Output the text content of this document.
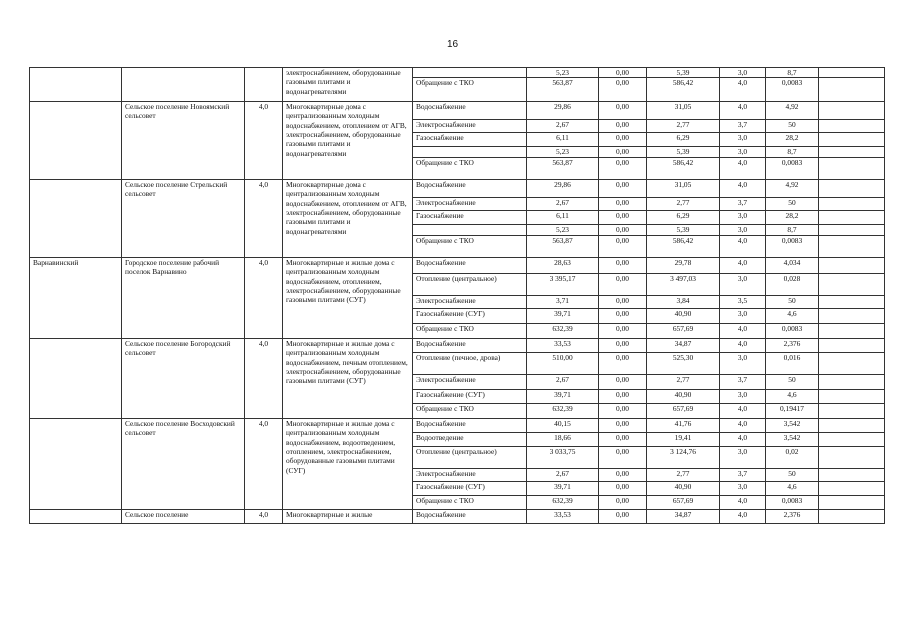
16
			электроснабжением, оборудованные газовыми плитами и водонагревателями		5,23	0,00	5,39	3,0	8,7	
				Обращение с ТКО	563,87	0,00	586,42	4,0	0,0083	
	Сельское поселение Новоямский сельсовет	4,0	Многоквартирные дома с централизованным холодным водоснабжением, отоплением от АГВ, электроснабжением, оборудованные газовыми плитами и водонагревателями	Водоснабжение	29,86	0,00	31,05	4,0	4,92	
				Электроснабжение	2,67	0,00	2,77	3,7	50	
				Газоснабжение	6,11	0,00	6,29	3,0	28,2	
					5,23	0,00	5,39	3,0	8,7	
				Обращение с ТКО	563,87	0,00	586,42	4,0	0,0083	
	Сельское поселение Стрельский сельсовет	4,0	Многоквартирные дома с централизованным холодным водоснабжением, отоплением от АГВ, электроснабжением, оборудованные газовыми плитами и водонагревателями	Водоснабжение	29,86	0,00	31,05	4,0	4,92	
				Электроснабжение	2,67	0,00	2,77	3,7	50	
				Газоснабжение	6,11	0,00	6,29	3,0	28,2	
					5,23	0,00	5,39	3,0	8,7	
				Обращение с ТКО	563,87	0,00	586,42	4,0	0,0083	
Варнавинский	Городское поселение рабочий поселок Варнавино	4,0	Многоквартирные и жилые дома с централизованным холодным водоснабжением, отоплением, электроснабжением, оборудованные газовыми плитами (СУГ)	Водоснабжение	28,63	0,00	29,78	4,0	4,034	
				Отопление (центральное)	3 395,17	0,00	3 497,03	3,0	0,028	
				Электроснабжение	3,71	0,00	3,84	3,5	50	
				Газоснабжение (СУГ)	39,71	0,00	40,90	3,0	4,6	
				Обращение с ТКО	632,39	0,00	657,69	4,0	0,0083	
	Сельское поселение Богородский сельсовет	4,0	Многоквартирные и жилые дома с централизованным холодным водоснабжением, печным отоплением, электроснабжением, оборудованные газовыми плитами (СУГ)	Водоснабжение	33,53	0,00	34,87	4,0	2,376	
				Отопление (печное, дрова)	510,00	0,00	525,30	3,0	0,016	
				Электроснабжение	2,67	0,00	2,77	3,7	50	
				Газоснабжение (СУГ)	39,71	0,00	40,90	3,0	4,6	
				Обращение с ТКО	632,39	0,00	657,69	4,0	0,19417	
	Сельское поселение Восходовский сельсовет	4,0	Многоквартирные и жилые дома с централизованным холодным водоснабжением, водоотведением, отоплением, электроснабжением, оборудованные газовыми плитами (СУГ)	Водоснабжение	40,15	0,00	41,76	4,0	3,542	
				Водоотведение	18,66	0,00	19,41	4,0	3,542	
				Отопление (центральное)	3 033,75	0,00	3 124,76	3,0	0,02	
				Электроснабжение	2,67	0,00	2,77	3,7	50	
				Газоснабжение (СУГ)	39,71	0,00	40,90	3,0	4,6	
				Обращение с ТКО	632,39	0,00	657,69	4,0	0,0083	
	Сельское поселение	4,0	Многоквартирные и жилые	Водоснабжение	33,53	0,00	34,87	4,0	2,376	
